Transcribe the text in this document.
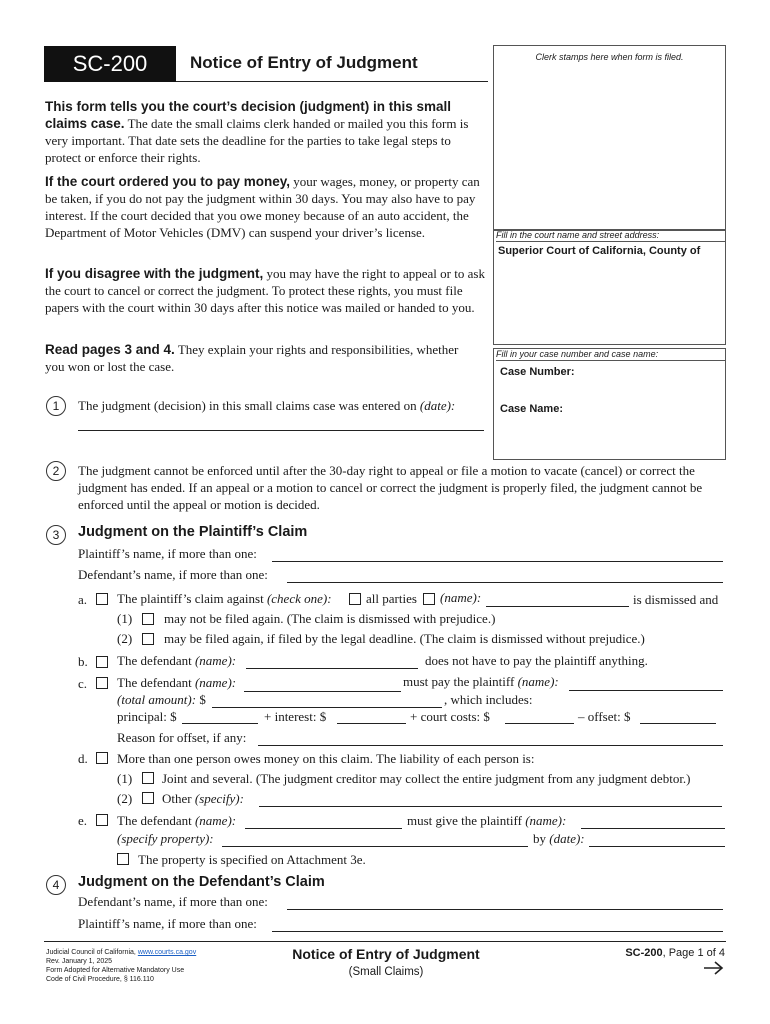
SC-200	Notice of Entry of Judgment	Clerk stamps here when form is filed.
Fill in the court name and street address:
Superior Court of California, County of
Fill in your case number and case name:
Case Number:
Case Name:
This form tells you the court’s decision (judgment) in this small claims case. The date the small claims clerk handed or mailed you this form is very important. That date sets the deadline for the parties to take legal steps to protect or enforce their rights.
If the court ordered you to pay money, your wages, money, or property can be taken, if you do not pay the judgment within 30 days. You may also have to pay interest. If the court decided that you owe money because of an auto accident, the Department of Motor Vehicles (DMV) can suspend your driver’s license.
If you disagree with the judgment, you may have the right to appeal or to ask the court to cancel or correct the judgment. To protect these rights, you must file papers with the court within 30 days after this notice was mailed or handed to you.
Read pages 3 and 4. They explain your rights and responsibilities, whether you won or lost the case.
1	The judgment (decision) in this small claims case was entered on (date):
2	The judgment cannot be enforced until after the 30-day right to appeal or file a motion to vacate (cancel) or correct the judgment has ended. If an appeal or a motion to cancel or correct the judgment is properly filed, the judgment cannot be enforced until the appeal or motion is decided.
3	Judgment on the Plaintiff’s Claim
Plaintiff’s name, if more than one:
Defendant’s name, if more than one:
a. The plaintiff’s claim against (check one):	all parties (name):	is dismissed and
(1) may not be filed again. (The claim is dismissed with prejudice.)
(2) may be filed again, if filed by the legal deadline. (The claim is dismissed without prejudice.)
b. The defendant (name):	does not have to pay the plaintiff anything.
c. The defendant (name):	must pay the plaintiff (name):
(total amount): $	, which includes:
principal: $	+ interest: $	+ court costs: $	– offset: $
Reason for offset, if any:
d. More than one person owes money on this claim. The liability of each person is:
(1) Joint and several. (The judgment creditor may collect the entire judgment from any judgment debtor.)
(2) Other (specify):
e. The defendant (name):	must give the plaintiff (name):
(specify property):	by (date):
The property is specified on Attachment 3e.
4	Judgment on the Defendant’s Claim
Defendant’s name, if more than one:
Plaintiff’s name, if more than one:
Judicial Council of California, www.courts.ca.gov
Rev. January 1, 2025
Form Adopted for Alternative Mandatory Use
Code of Civil Procedure, § 116.110
Notice of Entry of Judgment
(Small Claims)
SC-200, Page 1 of 4
